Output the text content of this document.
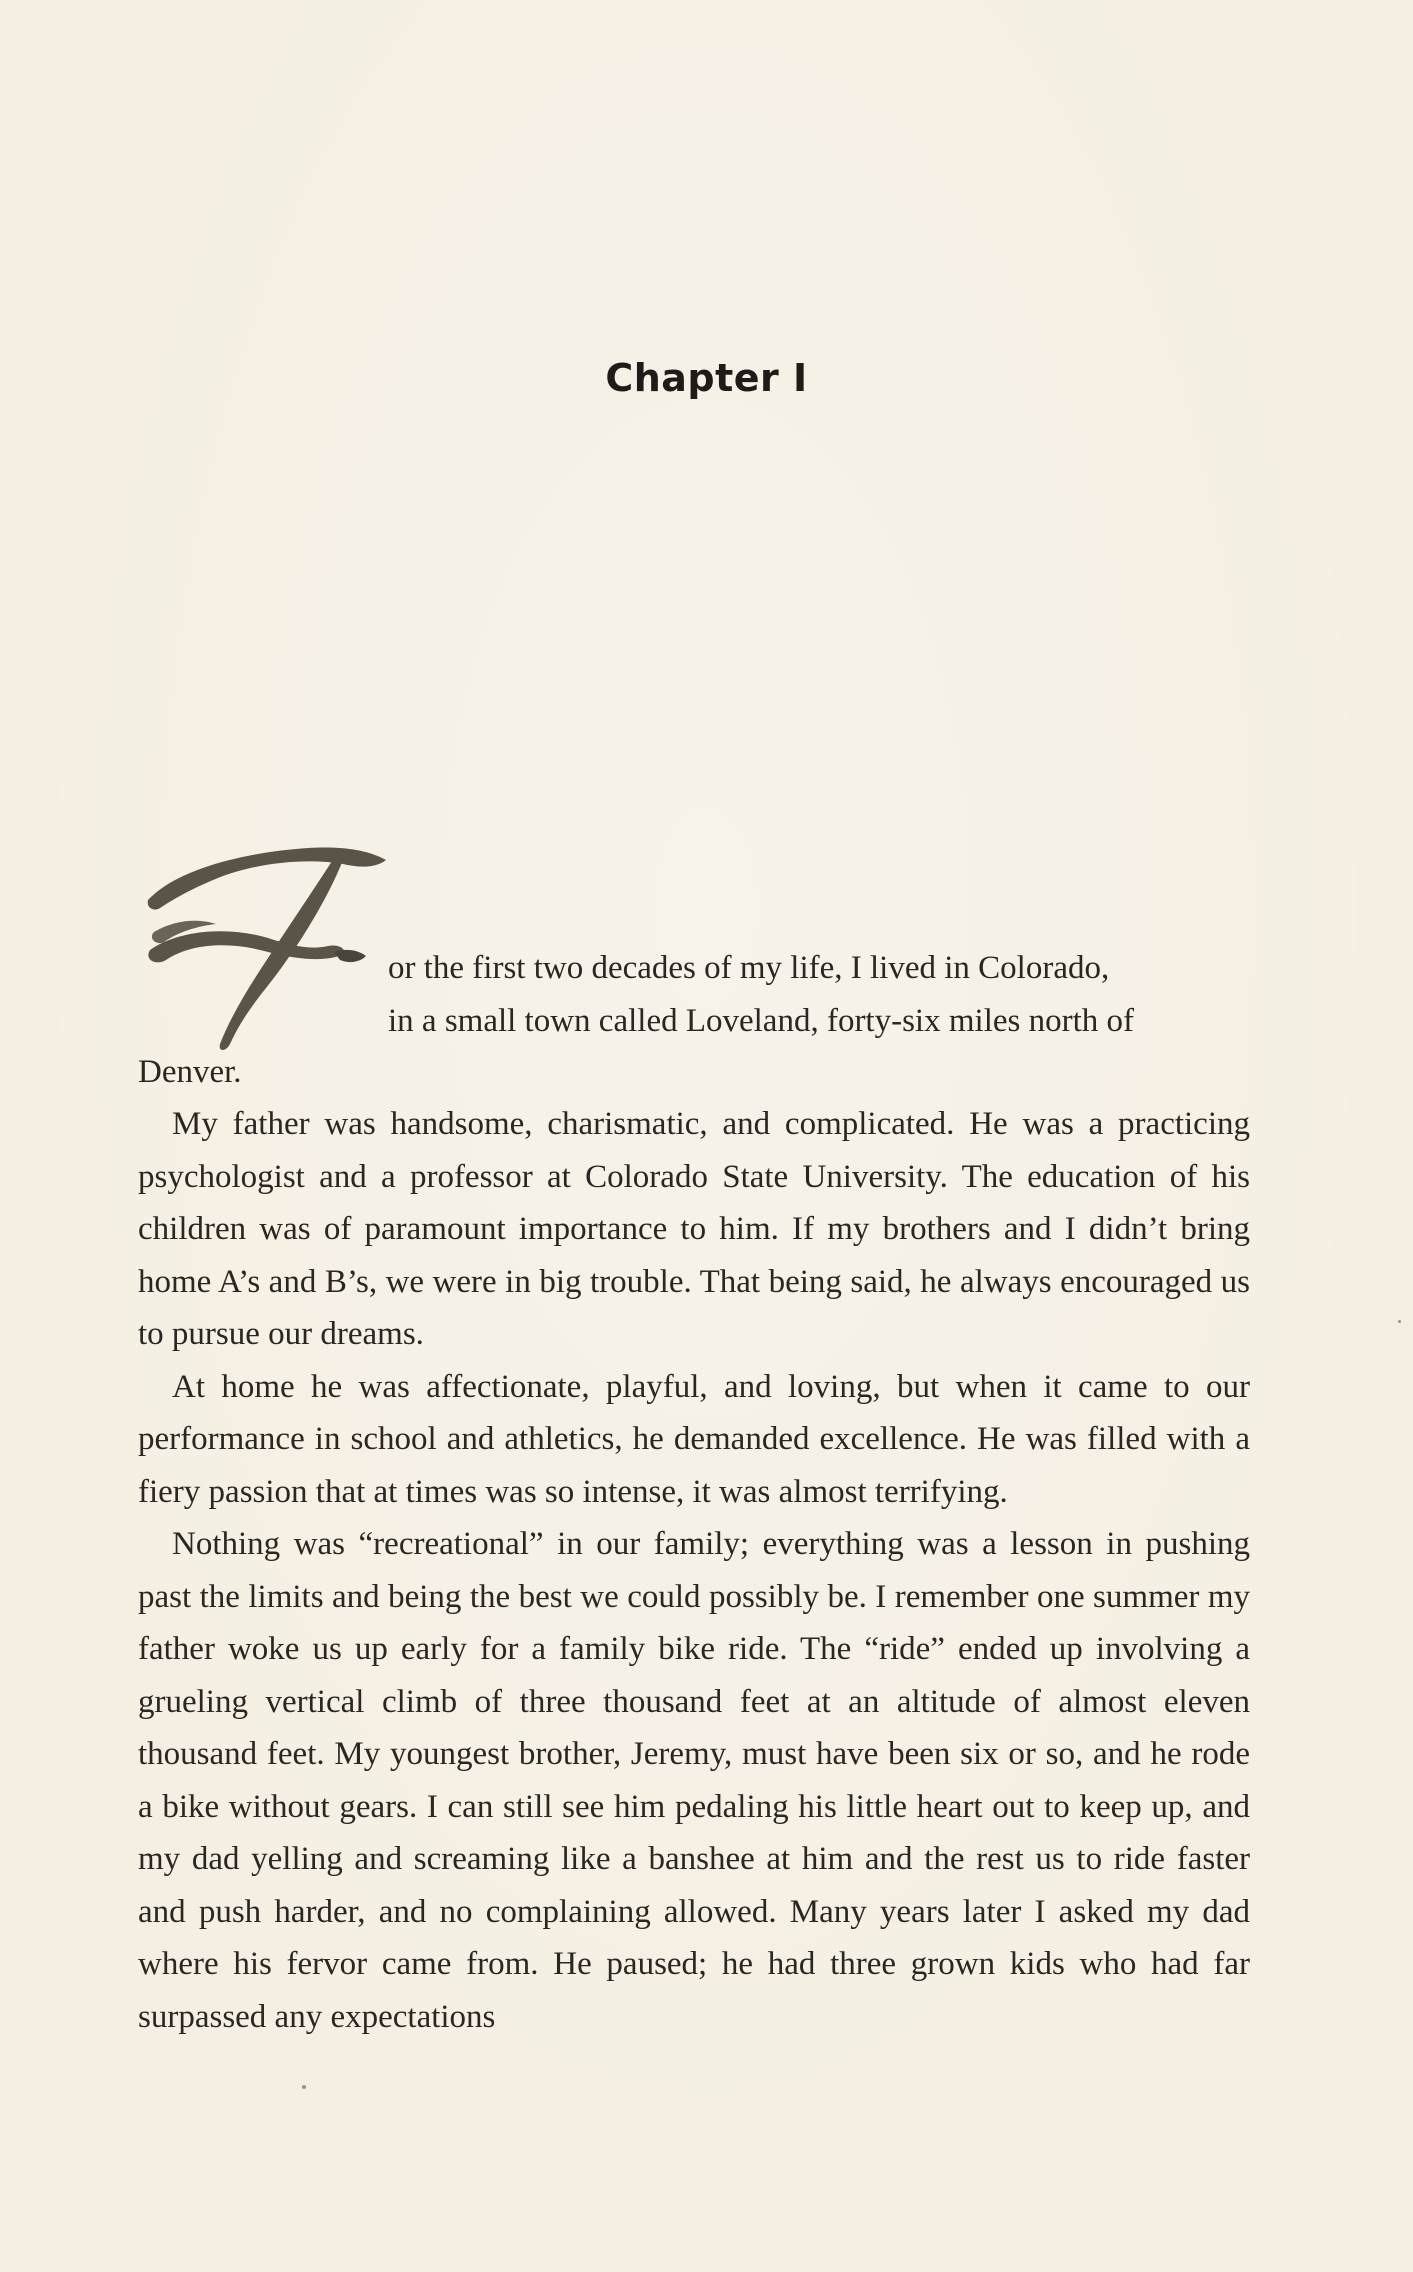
Chapter I
or the first two decades of my life, I lived in Colorado,
in a small town called Loveland, forty-six miles north of
Denver.

My father was handsome, charismatic, and complicated. He was a practicing psychologist and a professor at Colorado State University. The education of his children was of paramount importance to him. If my brothers and I didn’t bring home A’s and B’s, we were in big trouble. That being said, he always encouraged us to pursue our dreams.

At home he was affectionate, playful, and loving, but when it came to our performance in school and athletics, he demanded excellence. He was filled with a fiery passion that at times was so intense, it was almost terrifying.

Nothing was “recreational” in our family; everything was a lesson in pushing past the limits and being the best we could possibly be. I remember one summer my father woke us up early for a family bike ride. The “ride” ended up involving a grueling vertical climb of three thousand feet at an altitude of almost eleven thousand feet. My youngest brother, Jeremy, must have been six or so, and he rode a bike without gears. I can still see him pedaling his little heart out to keep up, and my dad yelling and screaming like a banshee at him and the rest us to ride faster and push harder, and no complaining allowed. Many years later I asked my dad where his fervor came from. He paused; he had three grown kids who had far surpassed any expectations
